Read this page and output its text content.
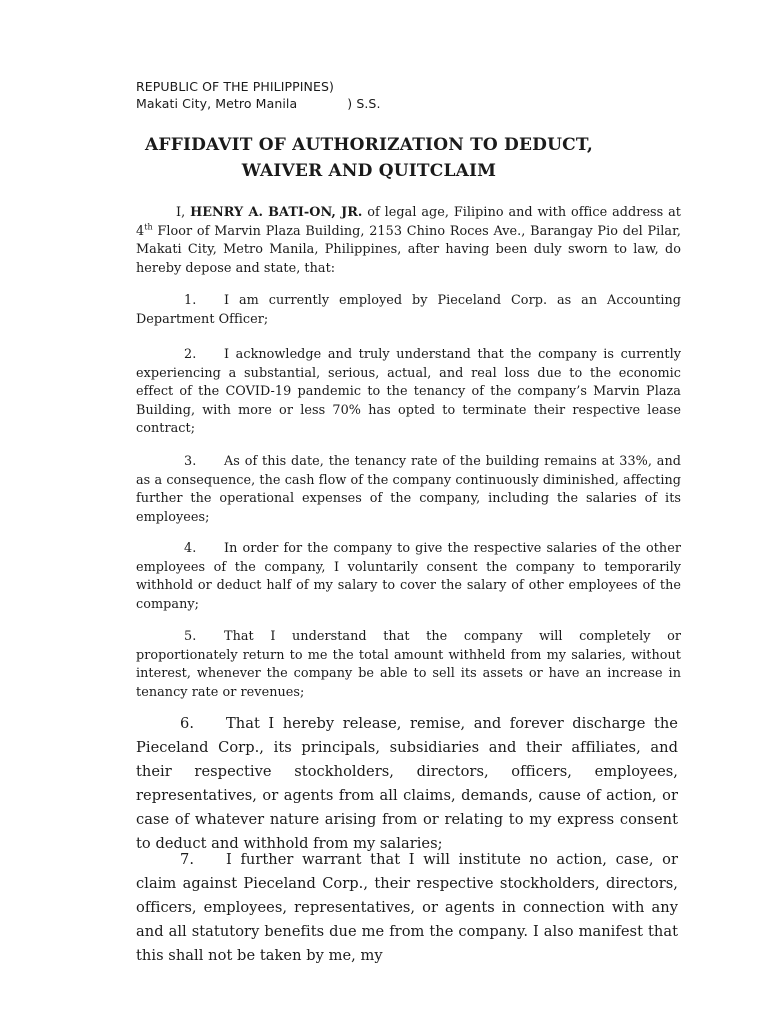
REPUBLIC OF THE PHILIPPINES)
Makati City, Metro Manila	) S.S.
AFFIDAVIT OF AUTHORIZATION TO DEDUCT,
WAIVER AND QUITCLAIM
I, HENRY A. BATI-ON, JR. of legal age, Filipino and with office address at 4th Floor of Marvin Plaza Building, 2153 Chino Roces Ave., Barangay Pio del Pilar, Makati City, Metro Manila, Philippines, after having been duly sworn to law, do hereby depose and state, that:
1. I am currently employed by Pieceland Corp. as an Accounting Department Officer;
2. I acknowledge and truly understand that the company is currently experiencing a substantial, serious, actual, and real loss due to the economic effect of the COVID-19 pandemic to the tenancy of the company’s Marvin Plaza Building, with more or less 70% has opted to terminate their respective lease contract;
3. As of this date, the tenancy rate of the building remains at 33%, and as a consequence, the cash flow of the company continuously diminished, affecting further the operational expenses of the company, including the salaries of its employees;
4. In order for the company to give the respective salaries of the other employees of the company, I voluntarily consent the company to temporarily withhold or deduct half of my salary to cover the salary of other employees of the company;
5. That I understand that the company will completely or proportionately return to me the total amount withheld from my salaries, without interest, whenever the company be able to sell its assets or have an increase in tenancy rate or revenues;
6. That I hereby release, remise, and forever discharge the Pieceland Corp., its principals, subsidiaries and their affiliates, and their respective stockholders, directors, officers, employees, representatives, or agents from all claims, demands, cause of action, or case of whatever nature arising from or relating to my express consent to deduct and withhold from my salaries;
7. I further warrant that I will institute no action, case, or claim against Pieceland Corp., their respective stockholders, directors, officers, employees, representatives, or agents in connection with any and all statutory benefits due me from the company. I also manifest that this shall not be taken by me, my
